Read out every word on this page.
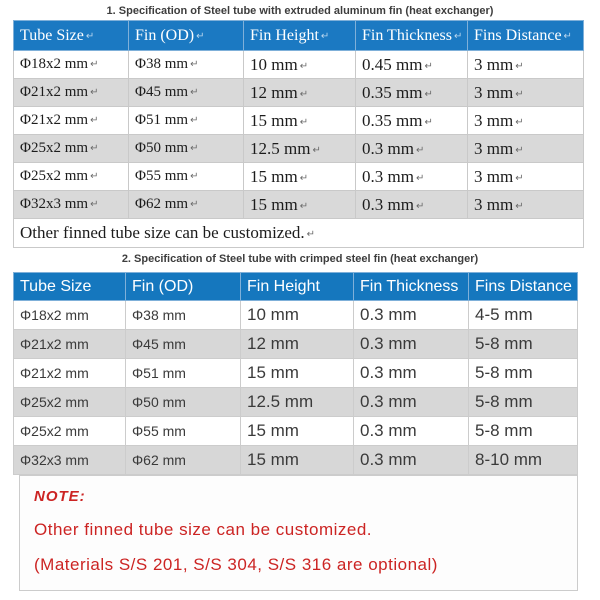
1. Specification of Steel tube with extruded aluminum fin (heat exchanger)
Tube Size ↵	Fin (OD) ↵	Fin Height ↵	Fin Thickness ↵	Fins Distance ↵
Φ18x2 mm ↵	Φ38 mm ↵	10 mm ↵	0.45 mm ↵	3 mm ↵
Φ21x2 mm ↵	Φ45 mm ↵	12 mm ↵	0.35 mm ↵	3 mm ↵
Φ21x2 mm ↵	Φ51 mm ↵	15 mm ↵	0.35 mm ↵	3 mm ↵
Φ25x2 mm ↵	Φ50 mm ↵	12.5 mm ↵	0.3 mm ↵	3 mm ↵
Φ25x2 mm ↵	Φ55 mm ↵	15 mm ↵	0.3 mm ↵	3 mm ↵
Φ32x3 mm ↵	Φ62 mm ↵	15 mm ↵	0.3 mm ↵	3 mm ↵
Other finned tube size can be customized. ↵				
2. Specification of Steel tube with crimped steel fin (heat exchanger)
Tube Size	Fin (OD)	Fin Height	Fin Thickness	Fins Distance
Φ18x2 mm	Φ38 mm	10 mm	0.3 mm	4-5 mm
Φ21x2 mm	Φ45 mm	12 mm	0.3 mm	5-8 mm
Φ21x2 mm	Φ51 mm	15 mm	0.3 mm	5-8 mm
Φ25x2 mm	Φ50 mm	12.5 mm	0.3 mm	5-8 mm
Φ25x2 mm	Φ55 mm	15 mm	0.3 mm	5-8 mm
Φ32x3 mm	Φ62 mm	15 mm	0.3 mm	8-10 mm
NOTE:
Other finned tube size can be customized.
(Materials S/S 201, S/S 304, S/S 316 are optional)
